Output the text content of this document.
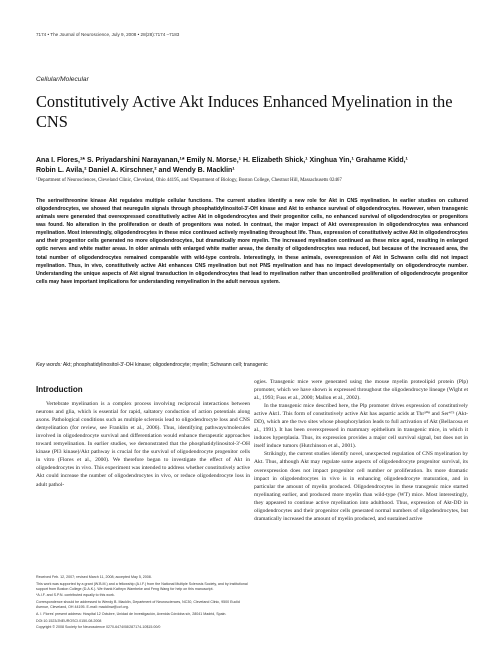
7174 • The Journal of Neuroscience, July 9, 2008 • 28(28):7174 –7183
Cellular/Molecular
Constitutively Active Akt Induces Enhanced Myelination in the CNS
Ana I. Flores,¹* S. Priyadarshini Narayanan,¹* Emily N. Morse,¹ H. Elizabeth Shick,¹ Xinghua Yin,¹ Grahame Kidd,¹
Robin L. Avila,² Daniel A. Kirschner,² and Wendy B. Macklin¹
¹Department of Neurosciences, Cleveland Clinic, Cleveland, Ohio 44195, and ²Department of Biology, Boston College, Chestnut Hill, Massachusetts 02467
The serine/threonine kinase Akt regulates multiple cellular functions. The current studies identify a new role for Akt in CNS myelination. In earlier studies on cultured oligodendrocytes, we showed that neuregulin signals through phosphatidylinositol-3′-OH kinase and Akt to enhance survival of oligodendrocytes. However, when transgenic animals were generated that overexpressed constitutively active Akt in oligodendrocytes and their progenitor cells, no enhanced survival of oligodendrocytes or progenitors was found. No alteration in the proliferation or death of progenitors was noted. In contrast, the major impact of Akt overexpression in oligodendrocytes was enhanced myelination. Most interestingly, oligodendrocytes in these mice continued actively myelinating throughout life. Thus, expression of constitutively active Akt in oligodendrocytes and their progenitor cells generated no more oligodendrocytes, but dramatically more myelin. The increased myelination continued as these mice aged, resulting in enlarged optic nerves and white matter areas. In older animals with enlarged white matter areas, the density of oligodendrocytes was reduced, but because of the increased area, the total number of oligodendrocytes remained comparable with wild-type controls. Interestingly, in these animals, overexpression of Akt in Schwann cells did not impact myelination. Thus, in vivo, constitutively active Akt enhances CNS myelination but not PNS myelination and has no impact developmentally on oligodendrocyte number. Understanding the unique aspects of Akt signal transduction in oligodendrocytes that lead to myelination rather than uncontrolled proliferation of oligodendrocyte progenitor cells may have important implications for understanding remyelination in the adult nervous system.
Key words: Akt; phosphatidylinositol-3′-OH kinase; oligodendrocyte; myelin; Schwann cell; transgenic
Introduction

Vertebrate myelination is a complex process involving reciprocal interactions between neurons and glia, which is essential for rapid, saltatory conduction of action potentials along axons. Pathological conditions such as multiple sclerosis lead to oligodendrocyte loss and CNS demyelination (for review, see Franklin et al., 2006). Thus, identifying pathways/molecules involved in oligodendrocyte survival and differentiation would enhance therapeutic approaches toward remyelination. In earlier studies, we demonstrated that the phosphatidylinositol-3′-OH kinase (PI3 kinase)/Akt pathway is crucial for the survival of oligodendrocyte progenitor cells in vitro (Flores et al., 2000). We therefore began to investigate the effect of Akt in oligodendrocytes in vivo. This experiment was intended to address whether constitutively active Akt could increase the number of oligodendrocytes in vivo, or reduce oligodendrocyte loss in adult pathol-

Received Feb. 12, 2007; revised March 11, 2008; accepted May 5, 2008.

This work was supported by a grant (W.B.M.) and a fellowship (A.I.F.) from the National Multiple Sclerosis Society, and by institutional support from Boston College (D.A.K.). We thank Kathryn Wambeke and Feng Wang for help on this manuscript.

*A.I.F. and S.P.N. contributed equally to this work.

Correspondence should be addressed to Wendy B. Macklin, Department of Neurosciences, NC30, Cleveland Clinic, 9500 Euclid Avenue, Cleveland, OH 44195. E-mail: macklinw@ccf.org.

A. I. Flores' present address: Hospital 12 Octubre, Unidad de Investigación, Avenida Córdoba s/n, 28041 Madrid, Spain.

DOI:10.1523/JNEUROSCI.0150-08.2008

Copyright © 2008 Society for Neuroscience 0270-6474/08/287174-10$15.00/0

ogies. Transgenic mice were generated using the mouse myelin proteolipid protein (Plp) promoter, which we have shown is expressed throughout the oligodendrocyte lineage (Wight et al., 1993; Fuss et al., 2000; Mallon et al., 2002).

In the transgenic mice described here, the Plp promoter drives expression of constitutively active Akt1. This form of constitutively active Akt has aspartic acids at Thr³⁰⁸ and Ser⁴⁷³ (Akt-DD), which are the two sites whose phosphorylation leads to full activation of Akt (Bellacosa et al., 1991). It has been overexpressed in mammary epithelium in transgenic mice, in which it induces hyperplasia. Thus, its expression provides a major cell survival signal, but does not in itself induce tumors (Hutchinson et al., 2001).

Strikingly, the current studies identify novel, unexpected regulation of CNS myelination by Akt. Thus, although Akt may regulate some aspects of oligodendrocyte progenitor survival, its overexpression does not impact progenitor cell number or proliferation. Its more dramatic impact in oligodendrocytes in vivo is in enhancing oligodendrocyte maturation, and in particular the amount of myelin produced. Oligodendrocytes in these transgenic mice started myelinating earlier, and produced more myelin than wild-type (WT) mice. Most interestingly, they appeared to continue active myelination into adulthood. Thus, expression of Akt-DD in oligodendrocytes and their progenitor cells generated normal numbers of oligodendrocytes, but dramatically increased the amount of myelin produced, and sustained active
